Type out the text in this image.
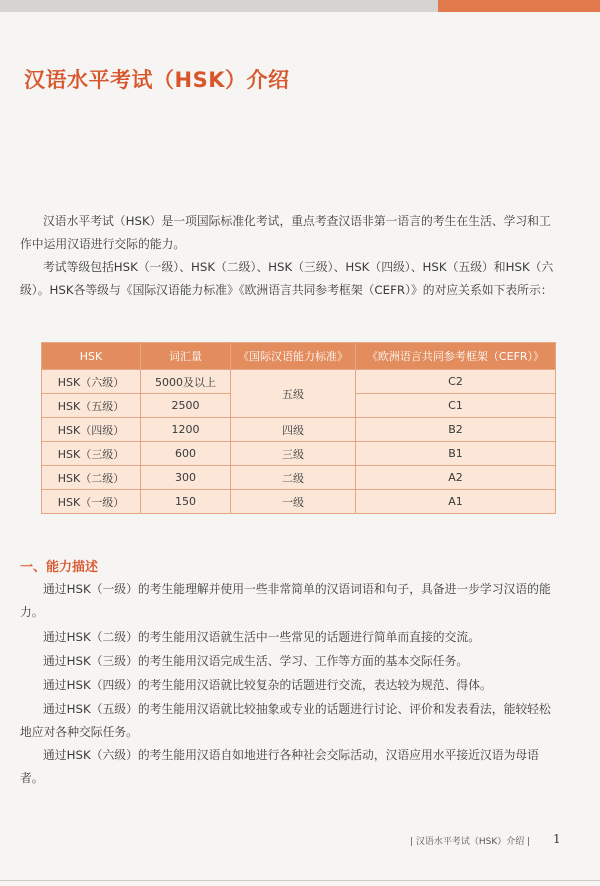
汉语水平考试（HSK）介绍

汉语水平考试（HSK）是一项国际标准化考试，重点考查汉语非第一语言的考生在生活、学习和工作中运用汉语进行交际的能力。

考试等级包括HSK（一级）、HSK（二级）、HSK（三级）、HSK（四级）、HSK（五级）和HSK（六级）。HSK各等级与《国际汉语能力标准》《欧洲语言共同参考框架（CEFR）》的对应关系如下表所示：

HSK	词汇量	《国际汉语能力标准》	《欧洲语言共同参考框架（CEFR）》
HSK（六级）	5000及以上	五级	C2
HSK（五级）	2500		C1
HSK（四级）	1200	四级	B2
HSK（三级）	600	三级	B1
HSK（二级）	300	二级	A2
HSK（一级）	150	一级	A1
一、能力描述

通过HSK（一级）的考生能理解并使用一些非常简单的汉语词语和句子，具备进一步学习汉语的能力。

通过HSK（二级）的考生能用汉语就生活中一些常见的话题进行简单而直接的交流。

通过HSK（三级）的考生能用汉语完成生活、学习、工作等方面的基本交际任务。

通过HSK（四级）的考生能用汉语就比较复杂的话题进行交流，表达较为规范、得体。

通过HSK（五级）的考生能用汉语就比较抽象或专业的话题进行讨论、评价和发表看法，能较轻松地应对各种交际任务。

通过HSK（六级）的考生能用汉语自如地进行各种社会交际活动，汉语应用水平接近汉语为母语者。

| 汉语水平考试（HSK）介绍 | 1
